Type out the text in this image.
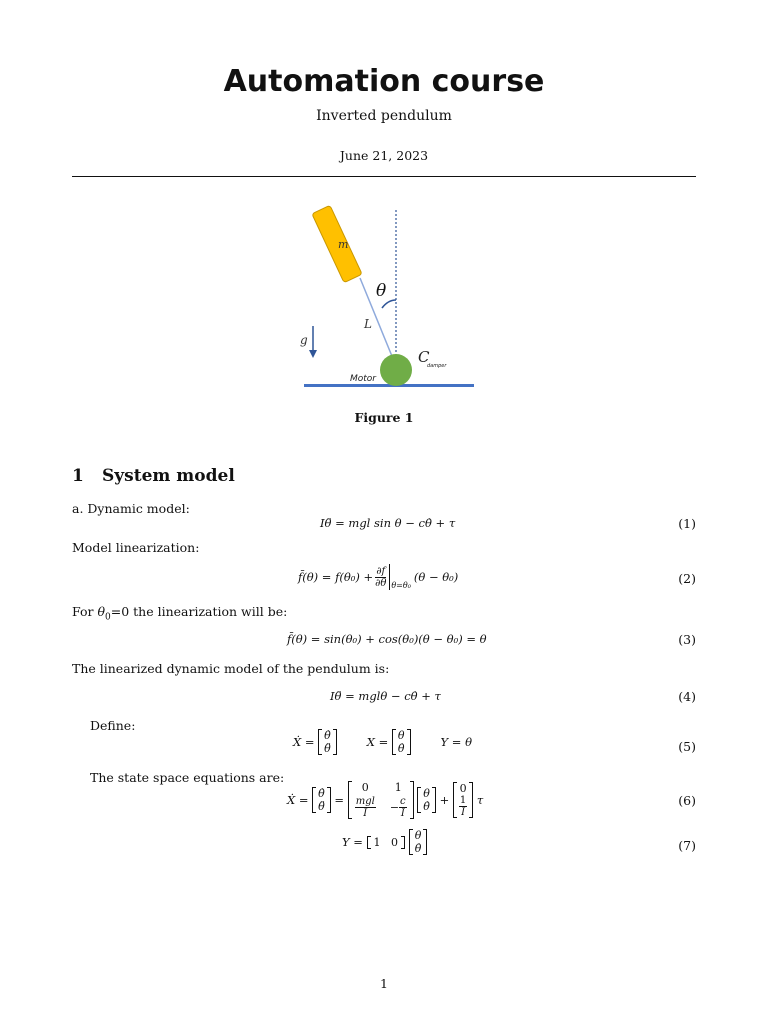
Automation course
Inverted pendulum
June 21, 2023
m
θ
L
g
Motor
C
damper
Figure 1
1 System model
a. Dynamic model:
Iθ̈ = mgl sin θ − cθ̇ + τ	(1)
Model linearization:
f̄(θ) = $f(\theta_0) + \frac{\partial f}{\partial\theta} \theta=\theta_0$
(θ − θ₀)	(2)
For $\theta_0=0$ the linearization will be:
f̄(θ) = sin(θ₀) + cos(θ₀)(θ − θ₀) = θ	(3)
The linearized dynamic model of the pendulum is:
Iθ̈ = mglθ − cθ̇ + τ	(4)
Define:
Ẋ = θ̇
θ̈	X = θ
θ̇	Y = θ	(5)
The state space equations are:
Ẋ = θ̇
θ̈ =
0 1
$\frac{\text{mgl}}{I} - \frac{c}{I}$

θ
θ̇ +
0
$\frac{1}{I}$ τ	(6)
Y =
1   0
θ
θ̇	(7)
1
